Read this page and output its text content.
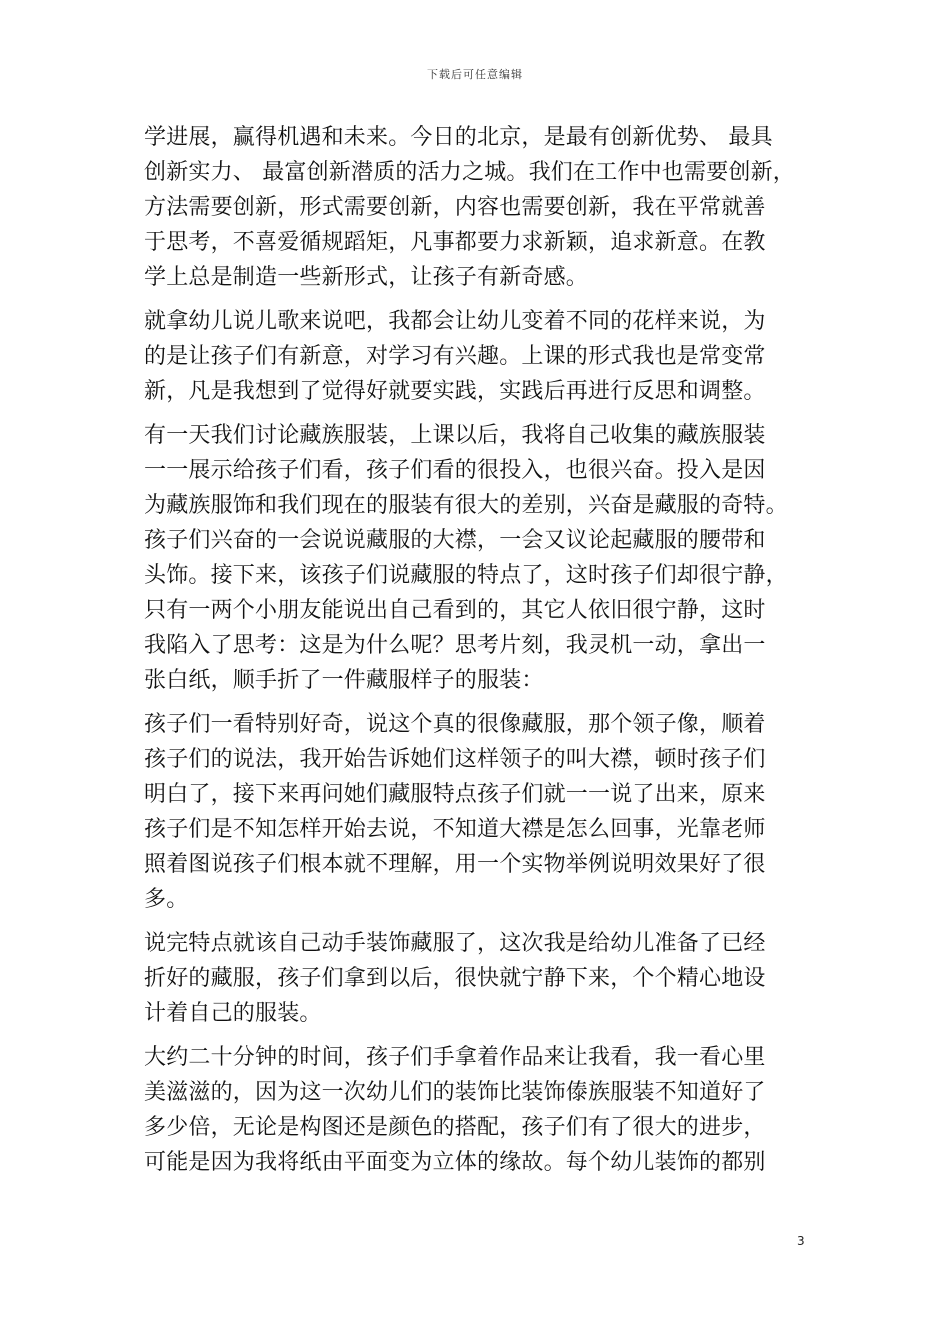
下载后可任意编辑
学进展，赢得机遇和未来。今日的北京，是最有创新优势、 最具
创新实力、 最富创新潜质的活力之城。我们在工作中也需要创新，
方法需要创新，形式需要创新，内容也需要创新，我在平常就善
于思考，不喜爱循规蹈矩，凡事都要力求新颖，追求新意。在教
学上总是制造一些新形式，让孩子有新奇感。
就拿幼儿说儿歌来说吧，我都会让幼儿变着不同的花样来说，为
的是让孩子们有新意，对学习有兴趣。上课的形式我也是常变常
新，凡是我想到了觉得好就要实践，实践后再进行反思和调整。
有一天我们讨论藏族服装，上课以后，我将自己收集的藏族服装
一一展示给孩子们看，孩子们看的很投入，也很兴奋。投入是因
为藏族服饰和我们现在的服装有很大的差别，兴奋是藏服的奇特。
孩子们兴奋的一会说说藏服的大襟，一会又议论起藏服的腰带和
头饰。接下来，该孩子们说藏服的特点了，这时孩子们却很宁静，
只有一两个小朋友能说出自己看到的，其它人依旧很宁静，这时
我陷入了思考：这是为什么呢？思考片刻，我灵机一动，拿出一
张白纸，顺手折了一件藏服样子的服装：
孩子们一看特别好奇，说这个真的很像藏服，那个领子像，顺着
孩子们的说法，我开始告诉她们这样领子的叫大襟，顿时孩子们
明白了，接下来再问她们藏服特点孩子们就一一说了出来，原来
孩子们是不知怎样开始去说，不知道大襟是怎么回事，光靠老师
照着图说孩子们根本就不理解，用一个实物举例说明效果好了很
多。
说完特点就该自己动手装饰藏服了，这次我是给幼儿准备了已经
折好的藏服，孩子们拿到以后，很快就宁静下来，个个精心地设
计着自己的服装。
大约二十分钟的时间，孩子们手拿着作品来让我看，我一看心里
美滋滋的，因为这一次幼儿们的装饰比装饰傣族服装不知道好了
多少倍，无论是构图还是颜色的搭配，孩子们有了很大的进步，
可能是因为我将纸由平面变为立体的缘故。每个幼儿装饰的都别
3
